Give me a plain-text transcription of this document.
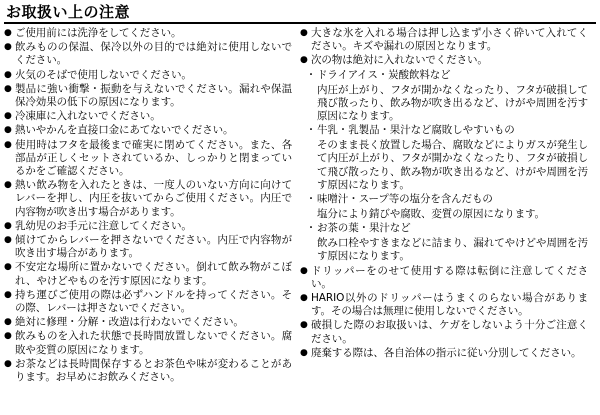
お取扱い上の注意
●
ご使用前には洗浄をしてください。
●
飲みものの保温、保冷以外の目的では絶対に使用しないでください。
●
火気のそばで使用しないでください。
●
製品に強い衝撃・振動を与えないでください。漏れや保温保冷効果の低下の原因になります。
●
冷凍庫に入れないでください。
●
熱いやかんを直接口金にあてないでください。
●
使用時はフタを最後まで確実に閉めてください。また、各部品が正しくセットされているか、しっかりと閉まっているかをご確認ください。
●
熱い飲み物を入れたときは、一度人のいない方向に向けてレバーを押し、内圧を抜いてからご使用ください。内圧で内容物が吹き出す場合があります。
●
乳幼児のお手元に注意してください。
●
傾けてからレバーを押さないでください。内圧で内容物が吹き出す場合があります。
●
不安定な場所に置かないでください。倒れて飲み物がこぼれ、やけどやものを汚す原因になります。
●
持ち運びご使用の際は必ずハンドルを持ってください。その際、レバーは押さないでください。
●
絶対に修理・分解・改造は行わないでください。
●
飲みものを入れた状態で長時間放置しないでください。腐敗や変質の原因になります。
●
お茶などは長時間保存するとお茶色や味が変わることがあります。お早めにお飲みください。
●
大きな氷を入れる場合は押し込まず小さく砕いて入れてください。キズや漏れの原因となります。
●
次の物は絶対に入れないでください。
・
ドライアイス・炭酸飲料など
内圧が上がり、フタが開かなくなったり、フタが破損して飛び散ったり、飲み物が吹き出るなど、けがや周囲を汚す原因になります。
・
牛乳・乳製品・果汁など腐敗しやすいもの
そのまま長く放置した場合、腐敗などによりガスが発生して内圧が上がり、フタが開かなくなったり、フタが破損して飛び散ったり、飲み物が吹き出るなど、けがや周囲を汚す原因になります。
・
味噌汁・スープ等の塩分を含んだもの
塩分により錆びや腐敗、変質の原因になります。
・
お茶の葉・果汁など
飲み口栓やすきまなどに詰まり、漏れてやけどや周囲を汚す原因になります。
●
ドリッパーをのせて使用する際は転倒に注意してください。
●
HARIO以外のドリッパーはうまくのらない場合があります。その場合は無理に使用しないでください。
●
破損した際のお取扱いは、ケガをしないよう十分ご注意ください。
●
廃棄する際は、各自治体の指示に従い分別してください。
